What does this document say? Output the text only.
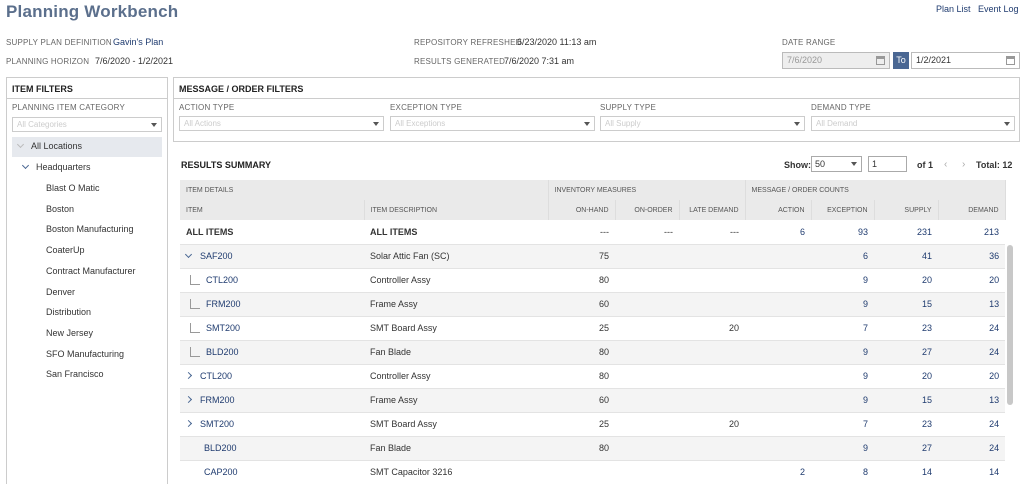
Planning Workbench	Plan List Event Log
SUPPLY PLAN DEFINITION Gavin's Plan
PLANNING HORIZON 7/6/2020 - 1/2/2021
REPOSITORY REFRESHED
6/23/2020 11:13 am
RESULTS GENERATED
7/6/2020 7:31 am
DATE RANGE
7/6/2020	To	1/2/2021
ITEM FILTERS
PLANNING ITEM CATEGORY
All Categories
All Locations
Headquarters
Blast O Matic
Boston
Boston Manufacturing
CoaterUp
Contract Manufacturer
Denver
Distribution
New Jersey
SFO Manufacturing
San Francisco
MESSAGE / ORDER FILTERS
ACTION TYPE
All Actions
EXCEPTION TYPE
All Exceptions
SUPPLY TYPE
All Supply
DEMAND TYPE
All Demand
RESULTS SUMMARY	Show: 50	1	of 1 ‹ › Total: 12
ITEM DETAILS		INVENTORY MEASURES			MESSAGE / ORDER COUNTS			
ITEM	ITEM DESCRIPTION	ON-HAND	ON-ORDER	LATE DEMAND	ACTION	EXCEPTION	SUPPLY	DEMAND
ALL ITEMS	ALL ITEMS	---	---	---	6	93	231	213
SAF200	Solar Attic Fan (SC)	75				6	41	36
CTL200	Controller Assy	80				9	20	20
FRM200	Frame Assy	60				9	15	13
SMT200	SMT Board Assy	25		20		7	23	24
BLD200	Fan Blade	80				9	27	24
CTL200	Controller Assy	80				9	20	20
FRM200	Frame Assy	60				9	15	13
SMT200	SMT Board Assy	25		20		7	23	24
BLD200	Fan Blade	80				9	27	24
CAP200	SMT Capacitor 3216				2	8	14	14
